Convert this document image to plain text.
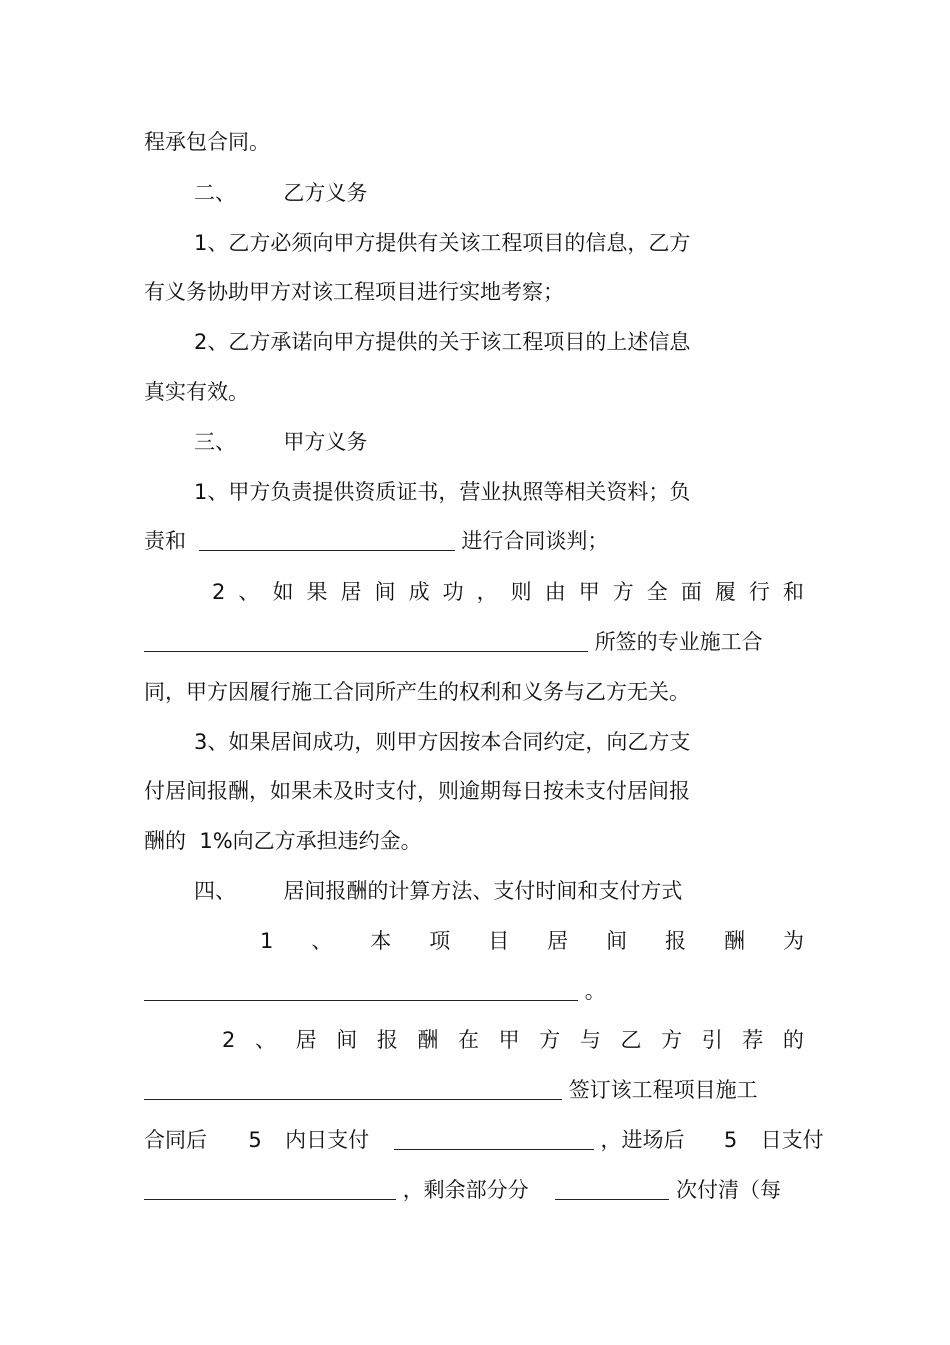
程承包合同。
二、 乙方义务
1、乙方必须向甲方提供有关该工程项目的信息，乙方
有义务协助甲方对该工程项目进行实地考察；
2、乙方承诺向甲方提供的关于该工程项目的上述信息
真实有效。
三、 甲方义务
1、甲方负责提供资质证书，营业执照等相关资料；负
责和	进行合同谈判；
2 、 如 果 居 间 成 功 ， 则 由 甲 方 全 面 履 行 和
所签的专业施工合
同，甲方因履行施工合同所产生的权利和义务与乙方无关。
3、如果居间成功，则甲方因按本合同约定，向乙方支
付居间报酬，如果未及时支付，则逾期每日按未支付居间报
酬的  1%向乙方承担违约金。
四、 居间报酬的计算方法、支付时间和支付方式
1 、 本 项 目 居 间 报 酬 为
。
2 、 居 间 报 酬 在 甲 方 与 乙 方 引 荐 的
签订该工程项目施工
合同后 5 内日支付	，进场后 5 日支付
，剩余部分分	次付清（每
